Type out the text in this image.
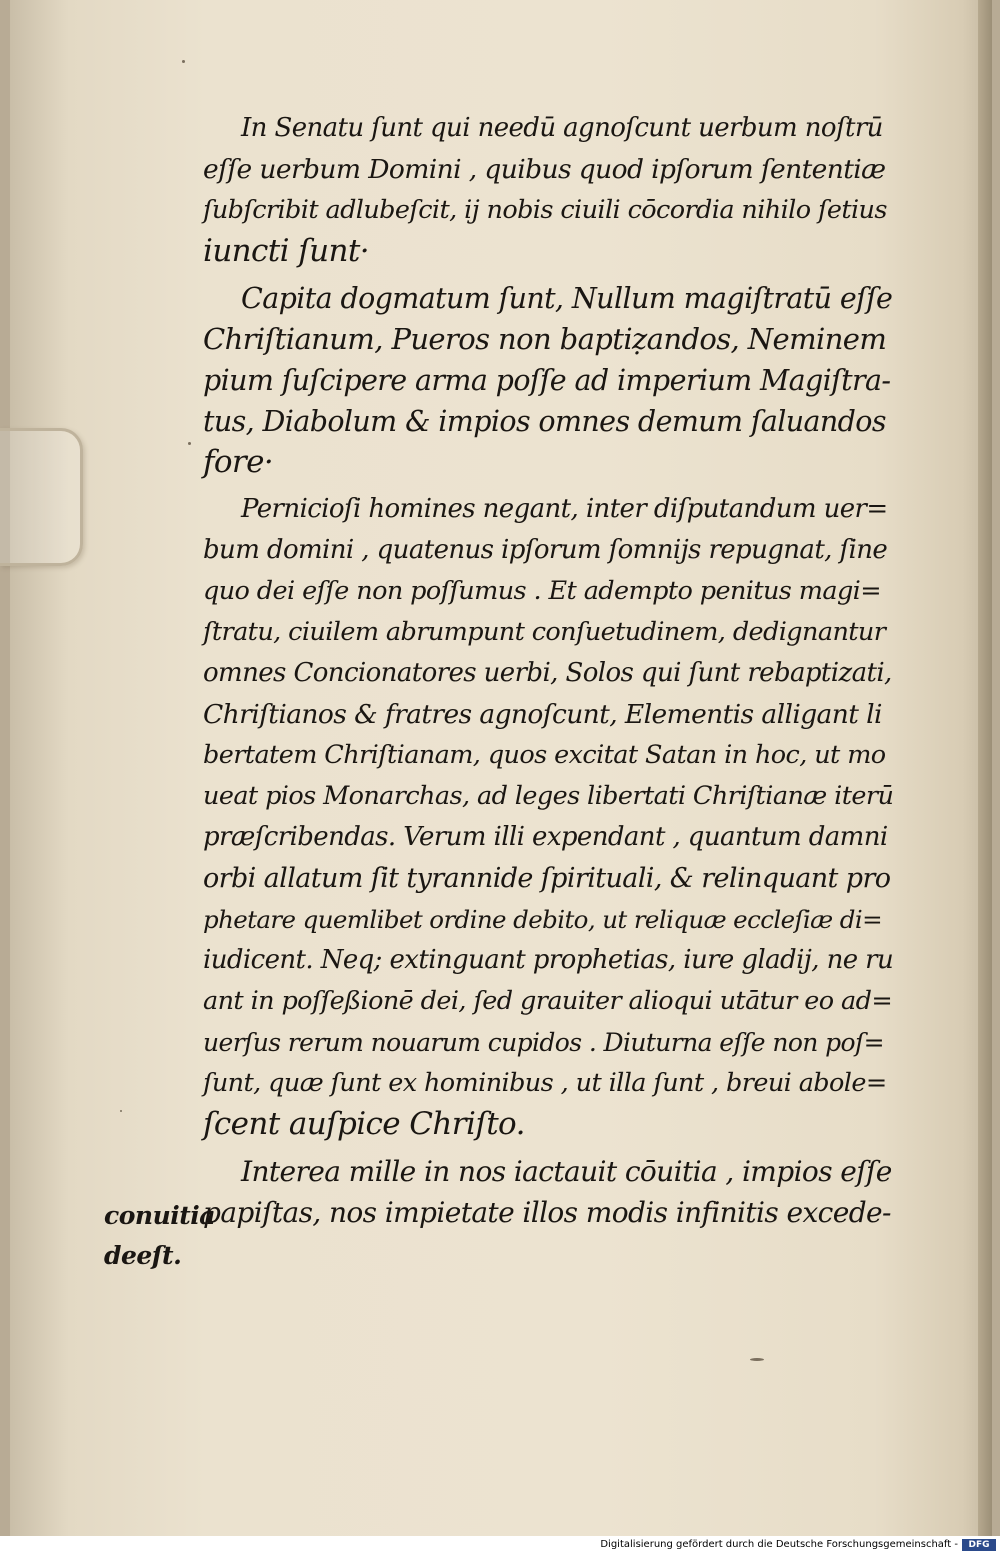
In Senatu ſunt qui needū agnoſcunt uerbum noſtrū
eſſe uerbum Domini , quibus quod ipſorum ſententiæ
ſubſcribit adlubeſcit, ij nobis ciuili cōcordia nihilo ſetius
iuncti ſunt·
Capita dogmatum ſunt, Nullum magiſtratū eſſe
Chriſtianum, Pueros non baptiẓandos, Neminem
pium ſuſcipere arma poſſe ad imperium Magiſtra-
tus, Diabolum & impios omnes demum ſaluandos
fore·
Pernicioſi homines negant, inter diſputandum uer=
bum domini , quatenus ipſorum ſomnijs repugnat, ſine
quo dei eſſe non poſſumus . Et adempto penitus magi=
ſtratu, ciuilem abrumpunt conſuetudinem, dedignantur
omnes Concionatores uerbi, Solos qui ſunt rebaptizati,
Chriſtianos & fratres agnoſcunt, Elementis alligant li
bertatem Chriſtianam, quos excitat Satan in hoc, ut mo
ueat pios Monarchas, ad leges libertati Chriſtianæ iterū
præſcribendas. Verum illi expendant , quantum damni
orbi allatum ſit tyrannide ſpirituali, & relinquant pro
phetare quemlibet ordine debito, ut reliquæ eccleſiæ di=
iudicent. Neq; extinguant prophetias, iure gladij, ne ru
ant in poſſeßionē dei, ſed grauiter alioqui utātur eo ad=
uerſus rerum nouarum cupidos . Diuturna eſſe non poſ=
ſunt, quæ ſunt ex hominibus , ut illa ſunt , breui abole=
ſcent auſpice Chriſto.
Interea mille in nos iactauit cōuitia , impios eſſe
papiſtas, nos impietate illos modis infinitis excede-
conuitia
deeſt.
Digitalisierung gefördert durch die Deutsche Forschungsgemeinschaft -	DFG
